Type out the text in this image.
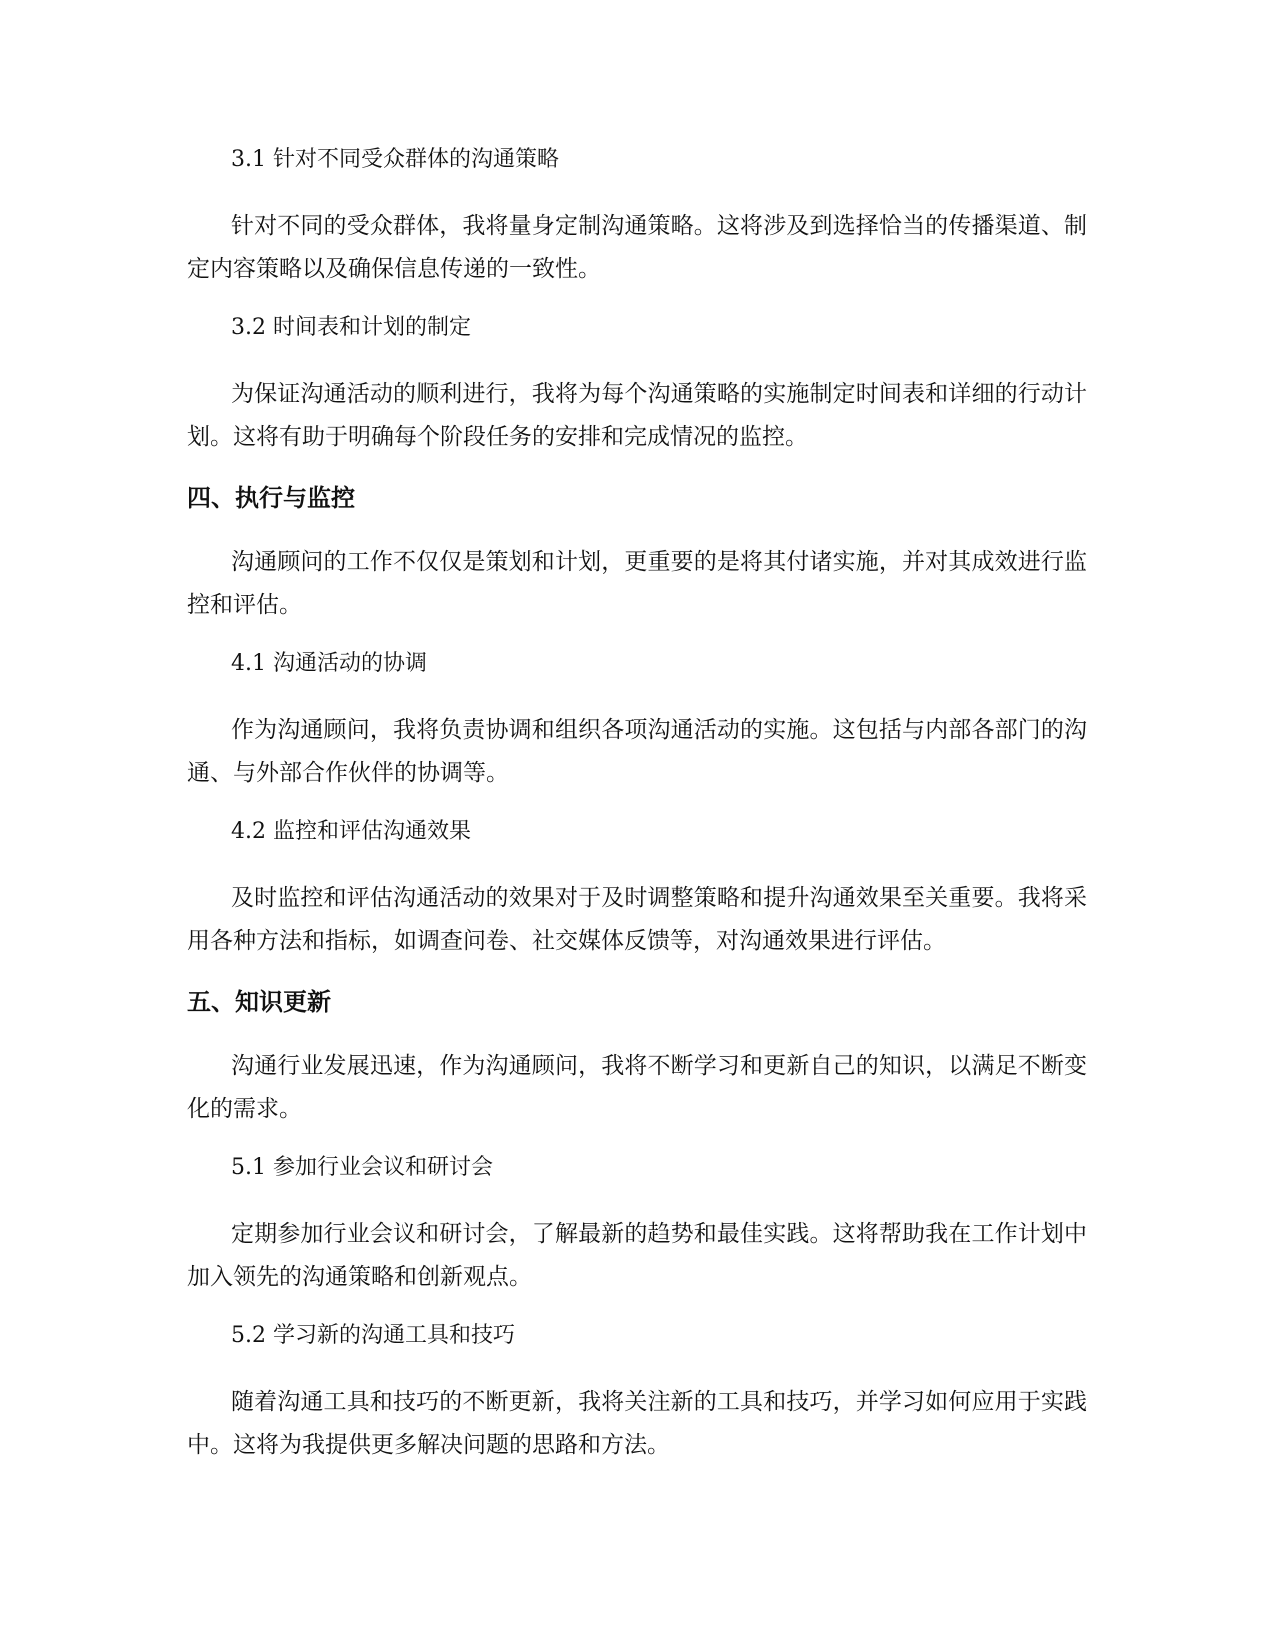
3.1 针对不同受众群体的沟通策略

针对不同的受众群体，我将量身定制沟通策略。这将涉及到选择恰当的传播渠道、制定内容策略以及确保信息传递的一致性。

3.2 时间表和计划的制定

为保证沟通活动的顺利进行，我将为每个沟通策略的实施制定时间表和详细的行动计划。这将有助于明确每个阶段任务的安排和完成情况的监控。

四、执行与监控

沟通顾问的工作不仅仅是策划和计划，更重要的是将其付诸实施，并对其成效进行监控和评估。

4.1 沟通活动的协调

作为沟通顾问，我将负责协调和组织各项沟通活动的实施。这包括与内部各部门的沟通、与外部合作伙伴的协调等。

4.2 监控和评估沟通效果

及时监控和评估沟通活动的效果对于及时调整策略和提升沟通效果至关重要。我将采用各种方法和指标，如调查问卷、社交媒体反馈等，对沟通效果进行评估。

五、知识更新

沟通行业发展迅速，作为沟通顾问，我将不断学习和更新自己的知识，以满足不断变化的需求。

5.1 参加行业会议和研讨会

定期参加行业会议和研讨会，了解最新的趋势和最佳实践。这将帮助我在工作计划中加入领先的沟通策略和创新观点。

5.2 学习新的沟通工具和技巧

随着沟通工具和技巧的不断更新，我将关注新的工具和技巧，并学习如何应用于实践中。这将为我提供更多解决问题的思路和方法。
